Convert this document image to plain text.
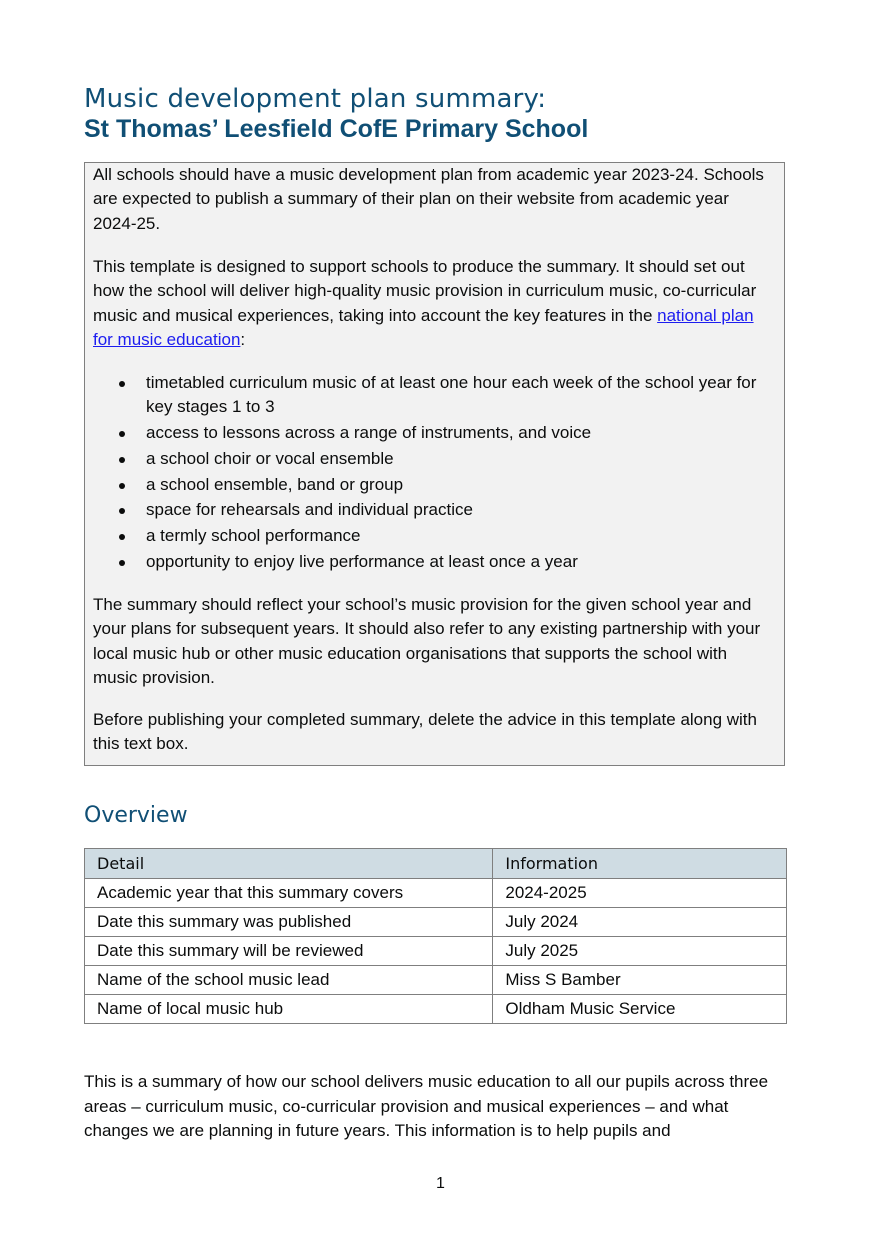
Music development plan summary:
St Thomas’ Leesfield CofE Primary School

All schools should have a music development plan from academic year 2023-24. Schools are expected to publish a summary of their plan on their website from academic year 2024-25.

This template is designed to support schools to produce the summary. It should set out how the school will deliver high-quality music provision in curriculum music, co-curricular music and musical experiences, taking into account the key features in the national plan for music education:

timetabled curriculum music of at least one hour each week of the school year for key stages 1 to 3
access to lessons across a range of instruments, and voice
a school choir or vocal ensemble
a school ensemble, band or group
space for rehearsals and individual practice
a termly school performance
opportunity to enjoy live performance at least once a year

The summary should reflect your school’s music provision for the given school year and your plans for subsequent years. It should also refer to any existing partnership with your local music hub or other music education organisations that supports the school with music provision.

Before publishing your completed summary, delete the advice in this template along with this text box.

Overview
Detail	Information
Academic year that this summary covers	2024-2025
Date this summary was published	July 2024
Date this summary will be reviewed	July 2025
Name of the school music lead	Miss S Bamber
Name of local music hub	Oldham Music Service

This is a summary of how our school delivers music education to all our pupils across three areas – curriculum music, co-curricular provision and musical experiences – and what changes we are planning in future years. This information is to help pupils and

1
